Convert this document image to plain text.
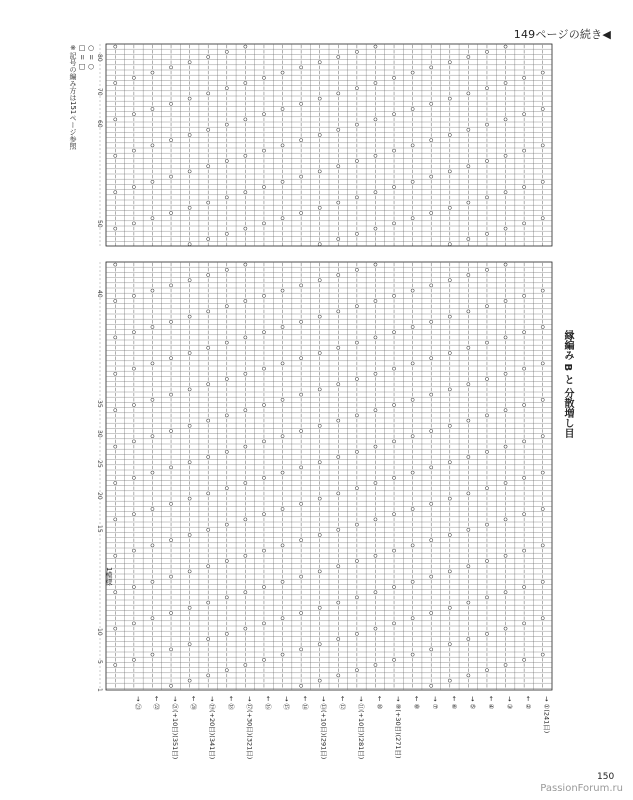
149ページの続き◀
○ = ○
□ = □
※記号の編み方は151ページ参照	80
70
60
50
40
35
30
25
20
15
10
5
1
→ ①(241目)
← ②
→ ③
← ④
→ ⑤
← ⑥
→ ⑦
← ⑧
→ ⑨(+30目)(271目)
← ⑩
→ ⑪(+10目)(281目)
← ⑫
→ ⑬(+10目)(291目)
← ⑭
→ ⑮
← ⑯
→ ⑰(+30目)(321目)
← ⑱
→ ⑲(+20目)(341目)
← ⑳
→ ㉑(+10目)(351目)
← ㉒
→ ㉓
縁編み B と 分散増し目
1模様
150
PassionForum.ru
